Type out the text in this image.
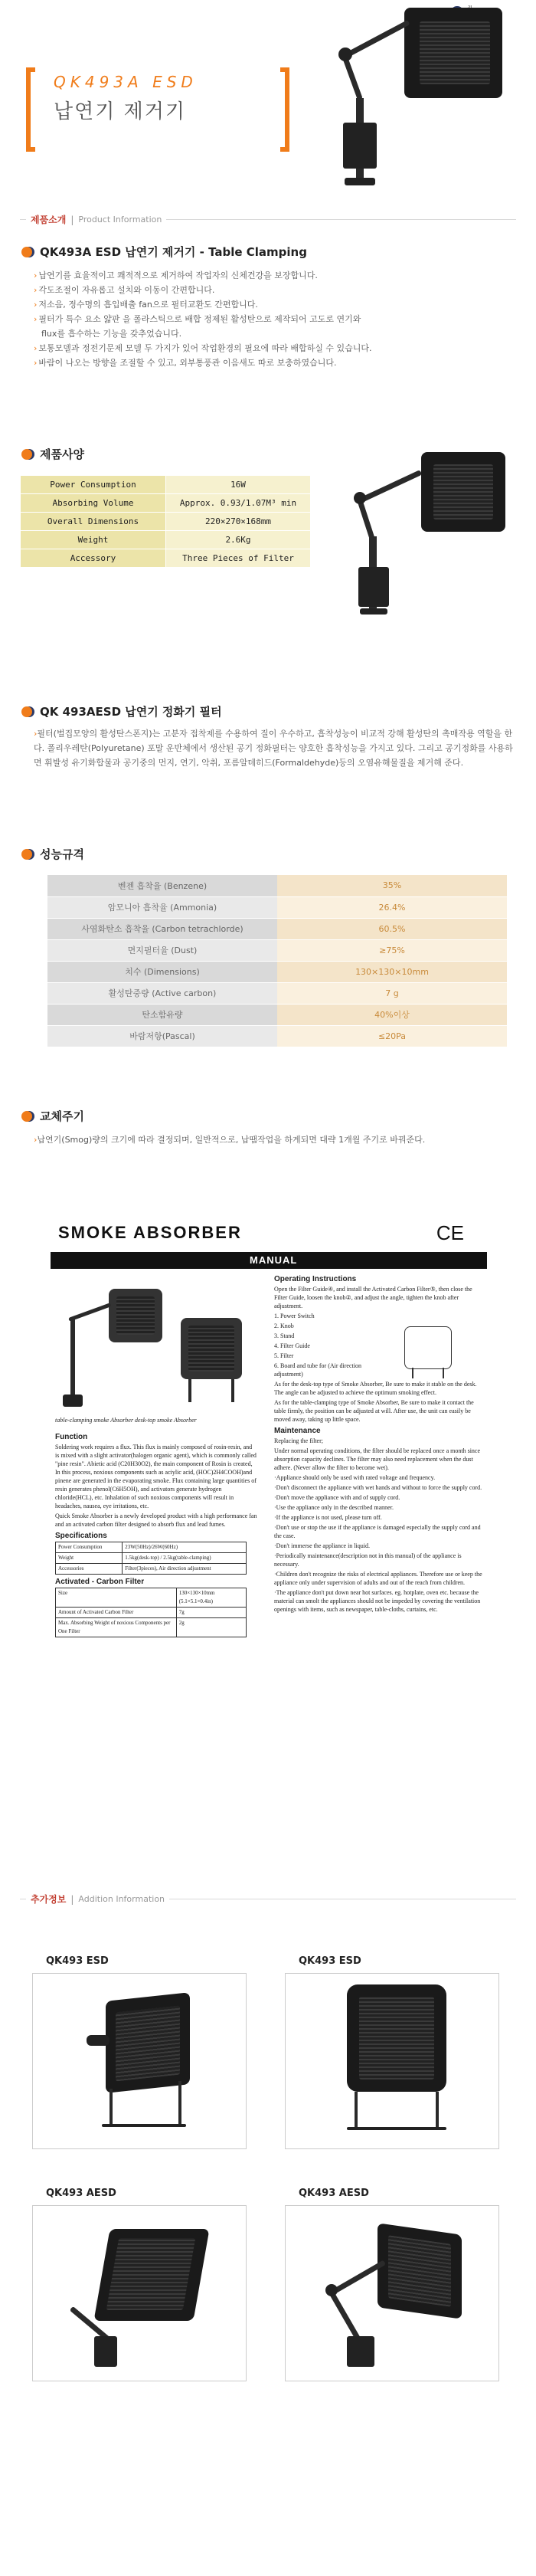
QK493A ESD
납연기 제거기
제품소개 | Product Information
QK493A ESD 납연기 제거기 - Table Clamping
› 납연기를 효율적이고 쾌적적으로 제거하여 작업자의 신체건강을 보장합니다.
› 각도조절이 자유롭고 설치와 이동이 간편합니다.
› 저소음, 정수명의 흡입배출 fan으로 필터교환도 간편합니다.
› 필터가 특수 요소 얇판 을 폴라스틱으로 배합 정제된 활성탄으로 제작되어 고도로 연기와
flux를 흡수하는 기능을 갖추었습니다.
› 보통모델과 정전기문제 모델 두 가지가 있어 작업환경의 필요에 따라 배합하실 수 있습니다.
› 바람이 나오는 방향을 조절할 수 있고, 외부통풍관 이음새도 따로 보충하였습니다.
제품사양
Power Consumption	16W
Absorbing Volume	Approx. 0.93/1.07M³ min
Overall Dimensions	220×270×168mm
Weight	2.6Kg
Accessory	Three Pieces of Filter
QK 493AESD 납연기 정화기 필터
›필터(벌집모양의 활성탄스폰지)는 고분자 접착제를 수용하여 질이 우수하고, 흡착성능이 비교적 강해 활성탄의 촉매작용 역할을 한다. 폴리우레탄(Polyuretane) 포말 운반체에서 생산된 공기 정화필터는 양호한 흡착성능을 가지고 있다. 그리고 공기정화를 사용하면 휘발성 유기화합물과 공기중의 먼지, 연기, 악취, 포름알데히드(Formaldehyde)등의 오염유해물질을 제거해 준다.
성능규격
벤젠 흡착율 (Benzene)	35%
암모니아 흡착율 (Ammonia)	26.4%
사염화탄소 흡착율 (Carbon tetrachlorde)	60.5%
면지필터율 (Dust)	≥75%
치수 (Dimensions)	130×130×10mm
활성탄중량 (Active carbon)	7 g
탄소함유량	40%이상
바람저항(Pascal)	≤20Pa
교체주기
›납연기(Smog)량의 크기에 따라 결정되며, 일반적으로, 납땜작업을 하게되면 대략 1개월 주기로 바꿔준다.
SMOKE ABSORBER	CE
MANUAL
table-clamping smoke Absorber desk-top smoke Absorber
Function

Soldering work requires a flux. This flux is mainly composed of rosin-resin, and is mixed with a slight activator(halogen organic agent), which is commonly called "pine resin". Abietic acid (C20H30O2), the main component of Rosin is created, In this process, noxious components such as aciylic acid, (HOC)2H4COOH)and pinene are generated in the evaporating smoke. Flux containing large quantities of resin generates phenol(C6H5OH), and activators generate hydrogen chloride(HCL), etc. Inhalation of such noxious components will result in headaches, nausea, eye irritations, etc.

Quick Smoke Absorber is a newly developed product with a high performance fan and an activated carbon filter designed to absorb flux and lead fumes.

Specifications
Power Consumption	23W(50Hz)/26W(60Hz)
Weight	1.5kg(desk-top) / 2.5kg(table-clamping)
Accessories	Filter(3pieces), Air direction adjustment
Activated - Carbon Filter
Size	130×130×10mm (5.1×5.1×0.4in)
Amount of Activated Carbon Filter	7g
Max. Absorbing Weight of noxious Components per One Filter	2g
Operating Instructions

Open the Filter Guide④, and install the Activated Carbon Filter⑤, then close the Filter Guide, loosen the knob②, and adjust the angle, tighten the knob after adjustment.

1. Power Switch

2. Knob

3. Stand

4. Filter Guide

5. Filter

6. Board and tube for (Air direction adjustment)

As for the desk-top type of Smoke Absorber, Be sure to make it stable on the desk. The angle can be adjusted to achieve the optimum smoking effect.

As for the table-clamping type of Smoke Absorber, Be sure to make it contact the table firmly, the position can be adjusted at will. After use, the unit can easily be moved away, taking up little space.

Maintenance

Replacing the filter;

Under normal operating conditions, the filter should be replaced once a month since absorption capacity declines. The filter may also need replacement when the dust adhere. (Never allow the filter to become wet).

·Appliance should only be used with rated voltage and frequency.

·Don't disconnect the appliance with wet hands and without to force the supply cord.

·Don't move the appliance with and of supply cord.

·Use the appliance only in the described manner.

·If the appliance is not used, please turn off.

·Don't use or stop the use if the appliance is damaged especially the supply cord and the case.

·Don't immerse the appliance in liquid.

·Periodically maintenance(description not in this manual) of the appliance is necessary.

·Children don't recognize the risks of electrical appliances. Therefore use or keep the appliance only under supervision of adults and out of the reach from children.

·The appliance don't put down near hot surfaces. eg. hotplate, oven etc. because the material can smolt the appliances should not be impeded by covering the ventilation openings with items, such as newspaper, table-cloths, curtains, etc.

추가정보 | Addition Information
QK493 ESD	QK493 ESD
QK493 AESD	QK493 AESD
